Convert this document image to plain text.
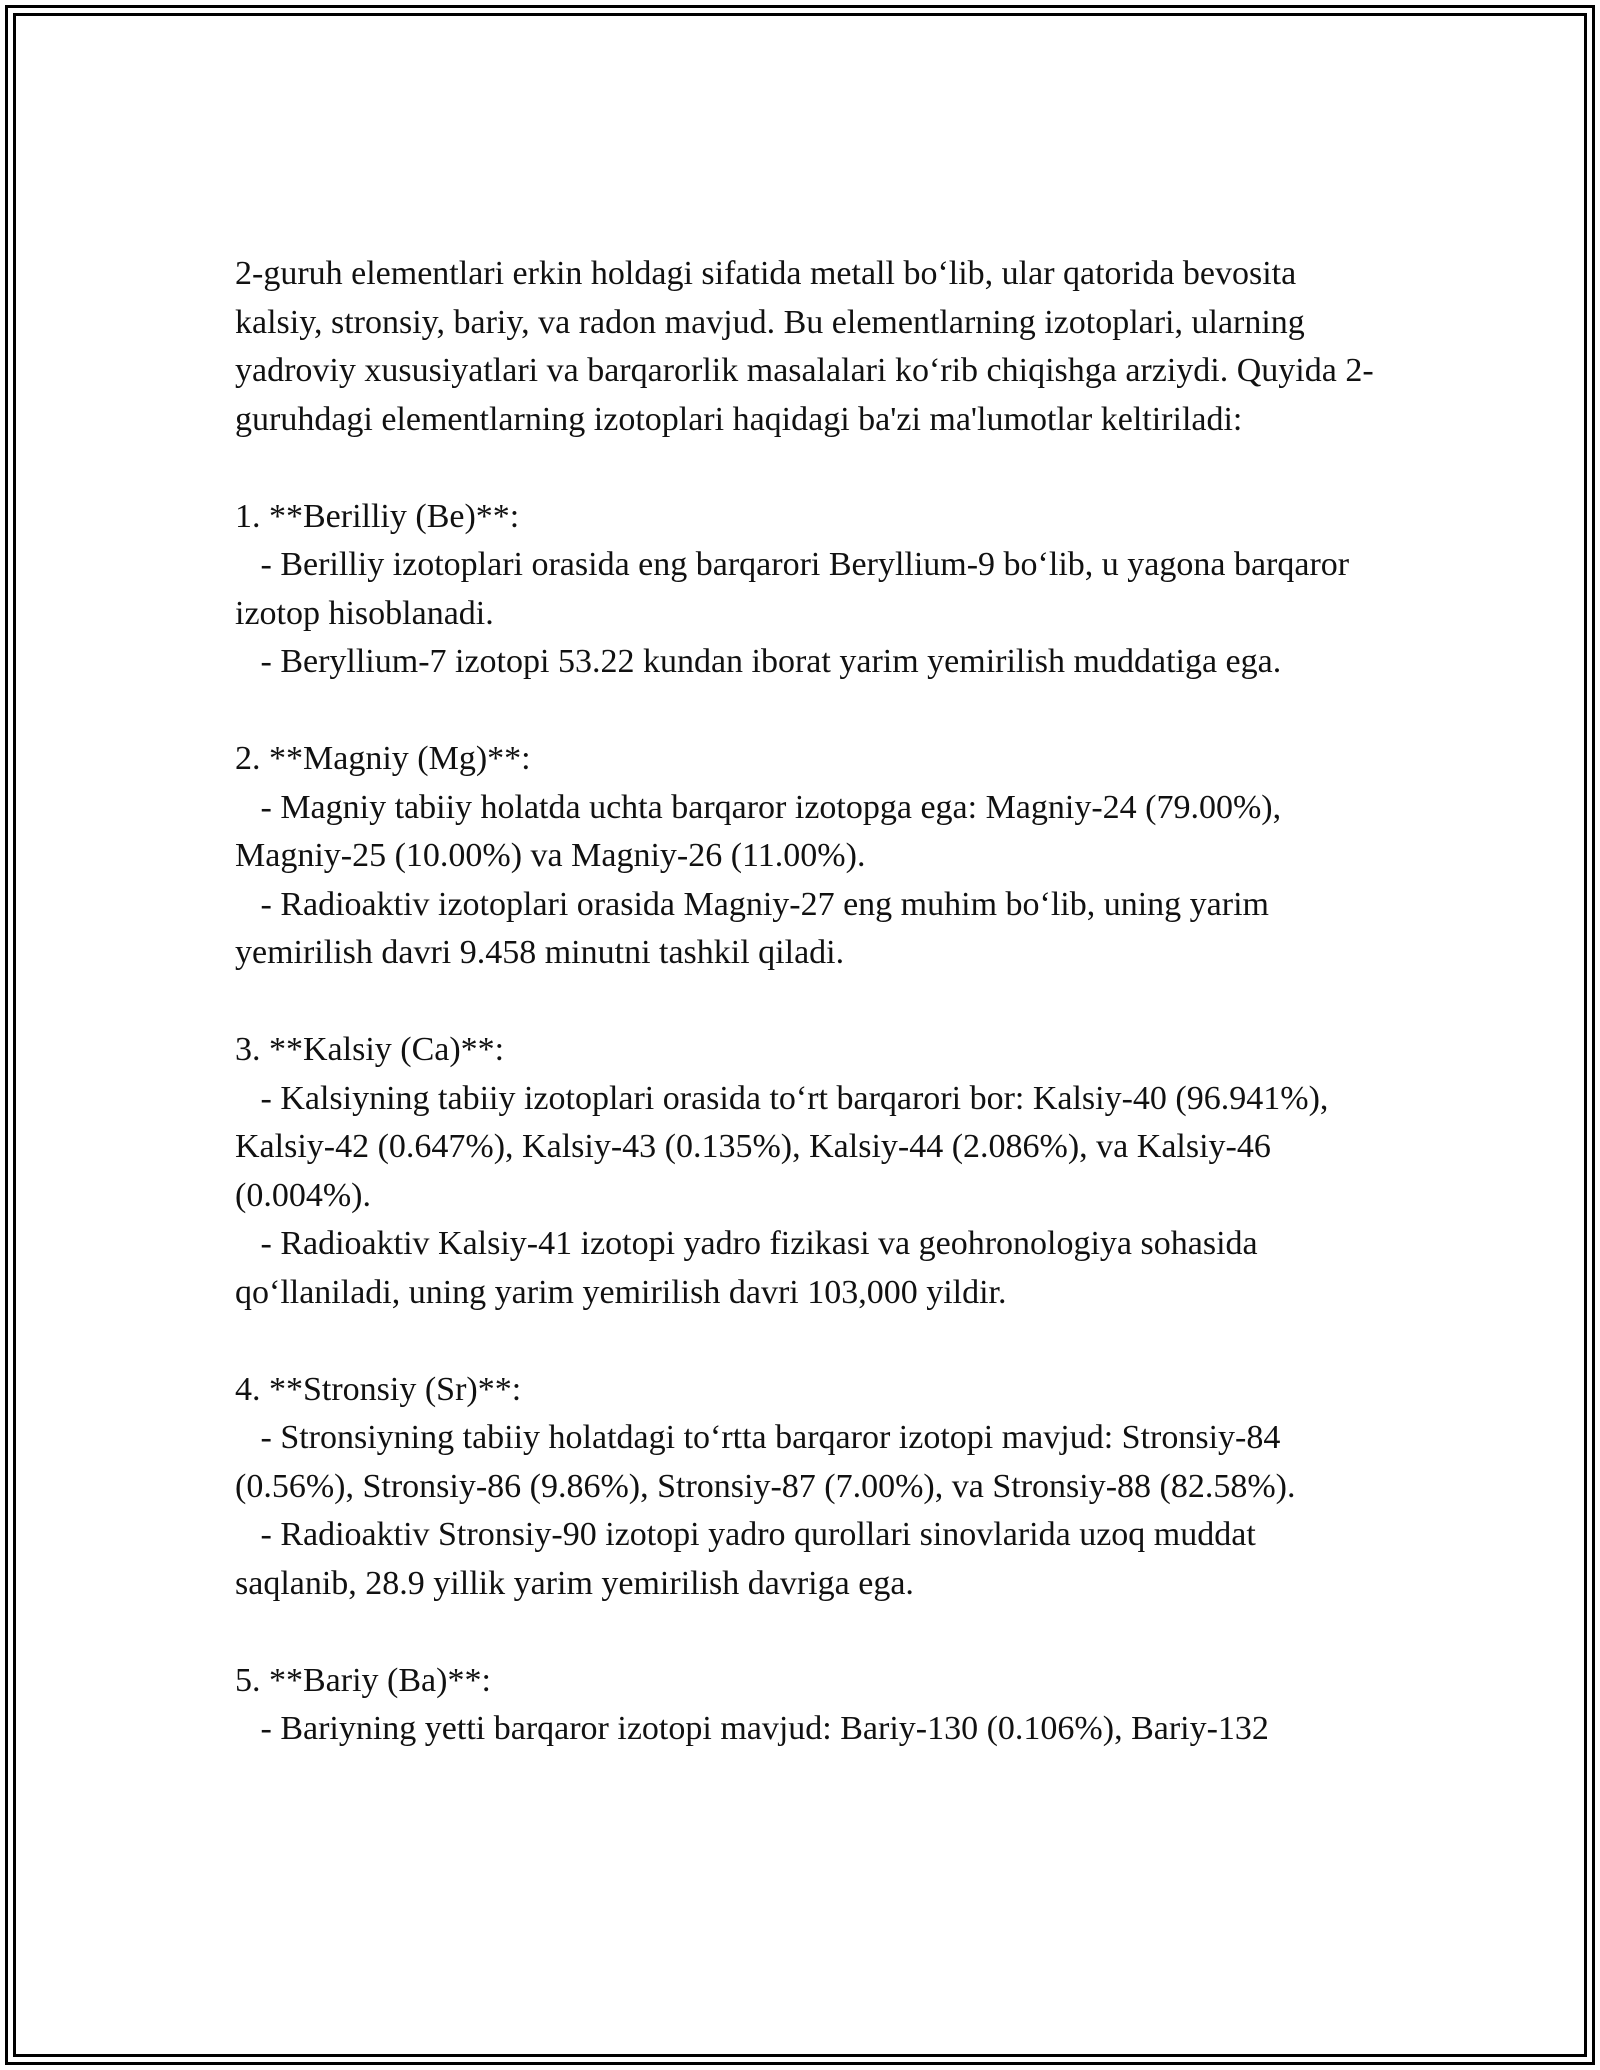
2-guruh elementlari erkin holdagi sifatida metall bo‘lib, ular qatorida bevosita kalsiy, stronsiy, bariy, va radon mavjud. Bu elementlarning izotoplari, ularning yadroviy xususiyatlari va barqarorlik masalalari ko‘rib chiqishga arziydi. Quyida 2-guruhdagi elementlarning izotoplari haqidagi ba'zi ma'lumotlar keltiriladi:

1. **Berilliy (Be)**:

- Berilliy izotoplari orasida eng barqarori Beryllium-9 bo‘lib, u yagona barqaror izotop hisoblanadi.

- Beryllium-7 izotopi 53.22 kundan iborat yarim yemirilish muddatiga ega.

2. **Magniy (Mg)**:

- Magniy tabiiy holatda uchta barqaror izotopga ega: Magniy-24 (79.00%), Magniy-25 (10.00%) va Magniy-26 (11.00%).

- Radioaktiv izotoplari orasida Magniy-27 eng muhim bo‘lib, uning yarim yemirilish davri 9.458 minutni tashkil qiladi.

3. **Kalsiy (Ca)**:

- Kalsiyning tabiiy izotoplari orasida to‘rt barqarori bor: Kalsiy-40 (96.941%), Kalsiy-42 (0.647%), Kalsiy-43 (0.135%), Kalsiy-44 (2.086%), va Kalsiy-46 (0.004%).

- Radioaktiv Kalsiy-41 izotopi yadro fizikasi va geohronologiya sohasida qo‘llaniladi, uning yarim yemirilish davri 103,000 yildir.

4. **Stronsiy (Sr)**:

- Stronsiyning tabiiy holatdagi to‘rtta barqaror izotopi mavjud: Stronsiy-84 (0.56%), Stronsiy-86 (9.86%), Stronsiy-87 (7.00%), va Stronsiy-88 (82.58%).

- Radioaktiv Stronsiy-90 izotopi yadro qurollari sinovlarida uzoq muddat saqlanib, 28.9 yillik yarim yemirilish davriga ega.

5. **Bariy (Ba)**:

- Bariyning yetti barqaror izotopi mavjud: Bariy-130 (0.106%), Bariy-132
